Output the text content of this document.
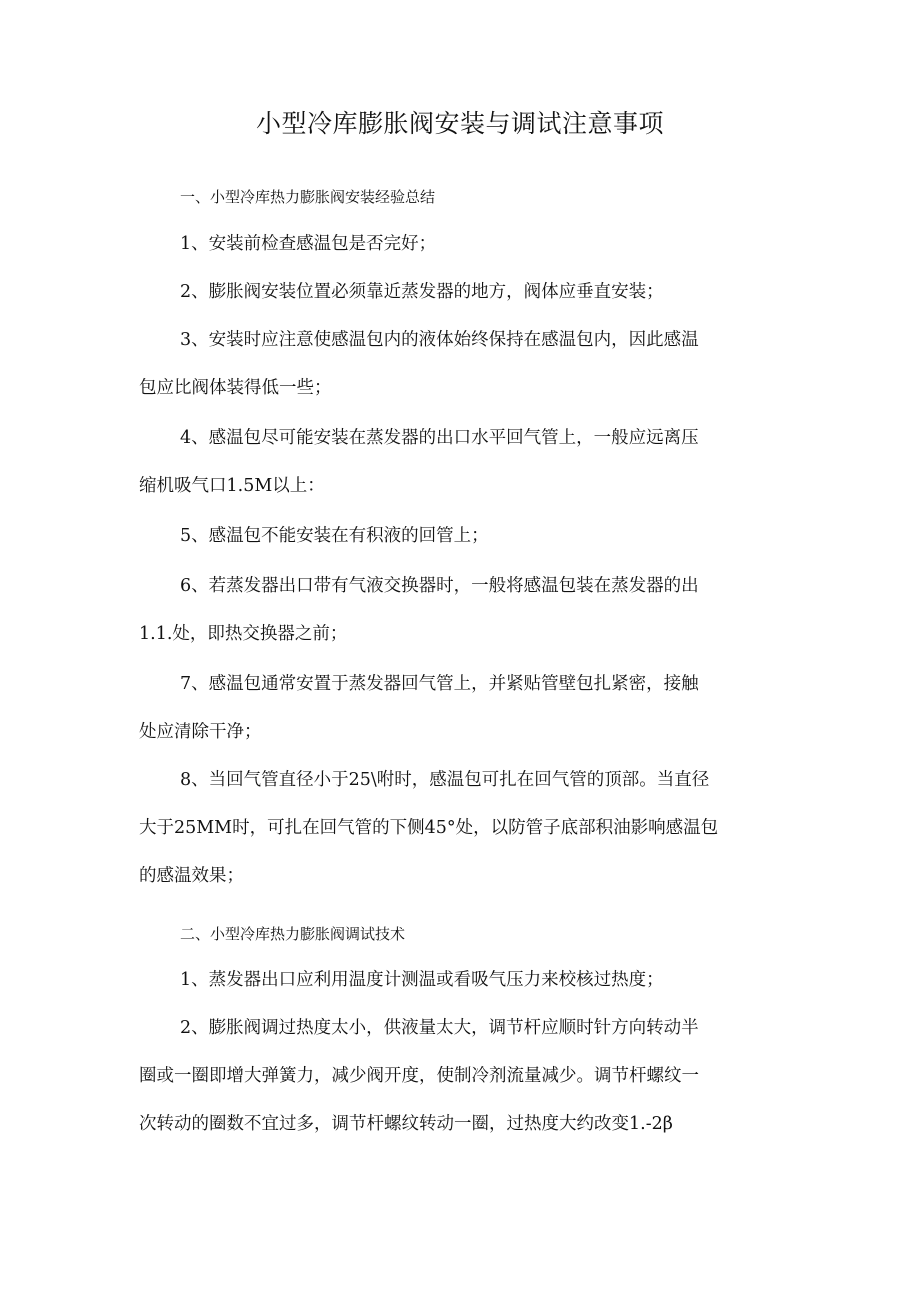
小型冷库膨胀阀安装与调试注意事项
一、小型冷库热力膨胀阀安装经验总结
1、安装前检查感温包是否完好；
2、膨胀阀安装位置必须靠近蒸发器的地方，阀体应垂直安装；
3、安装时应注意使感温包内的液体始终保持在感温包内，因此感温
包应比阀体装得低一些；
4、感温包尽可能安装在蒸发器的出口水平回气管上，一般应远离压
缩机吸气口1.5M以上：
5、感温包不能安装在有积液的回管上；
6、若蒸发器出口带有气液交换器时，一般将感温包装在蒸发器的出
1.1.处，即热交换器之前；
7、感温包通常安置于蒸发器回气管上，并紧贴管壁包扎紧密，接触
处应清除干净；
8、当回气管直径小于25\咐时，感温包可扎在回气管的顶部。当直径
大于25MM时，可扎在回气管的下侧45°处，以防管子底部积油影响感温包
的感温效果；
二、小型冷库热力膨胀阀调试技术
1、蒸发器出口应利用温度计测温或看吸气压力来校核过热度；
2、膨胀阀调过热度太小，供液量太大，调节杆应顺时针方向转动半
圈或一圈即增大弹簧力，减少阀开度，使制冷剂流量减少。调节杆螺纹一
次转动的圈数不宜过多，调节杆螺纹转动一圈，过热度大约改变1.-2β
